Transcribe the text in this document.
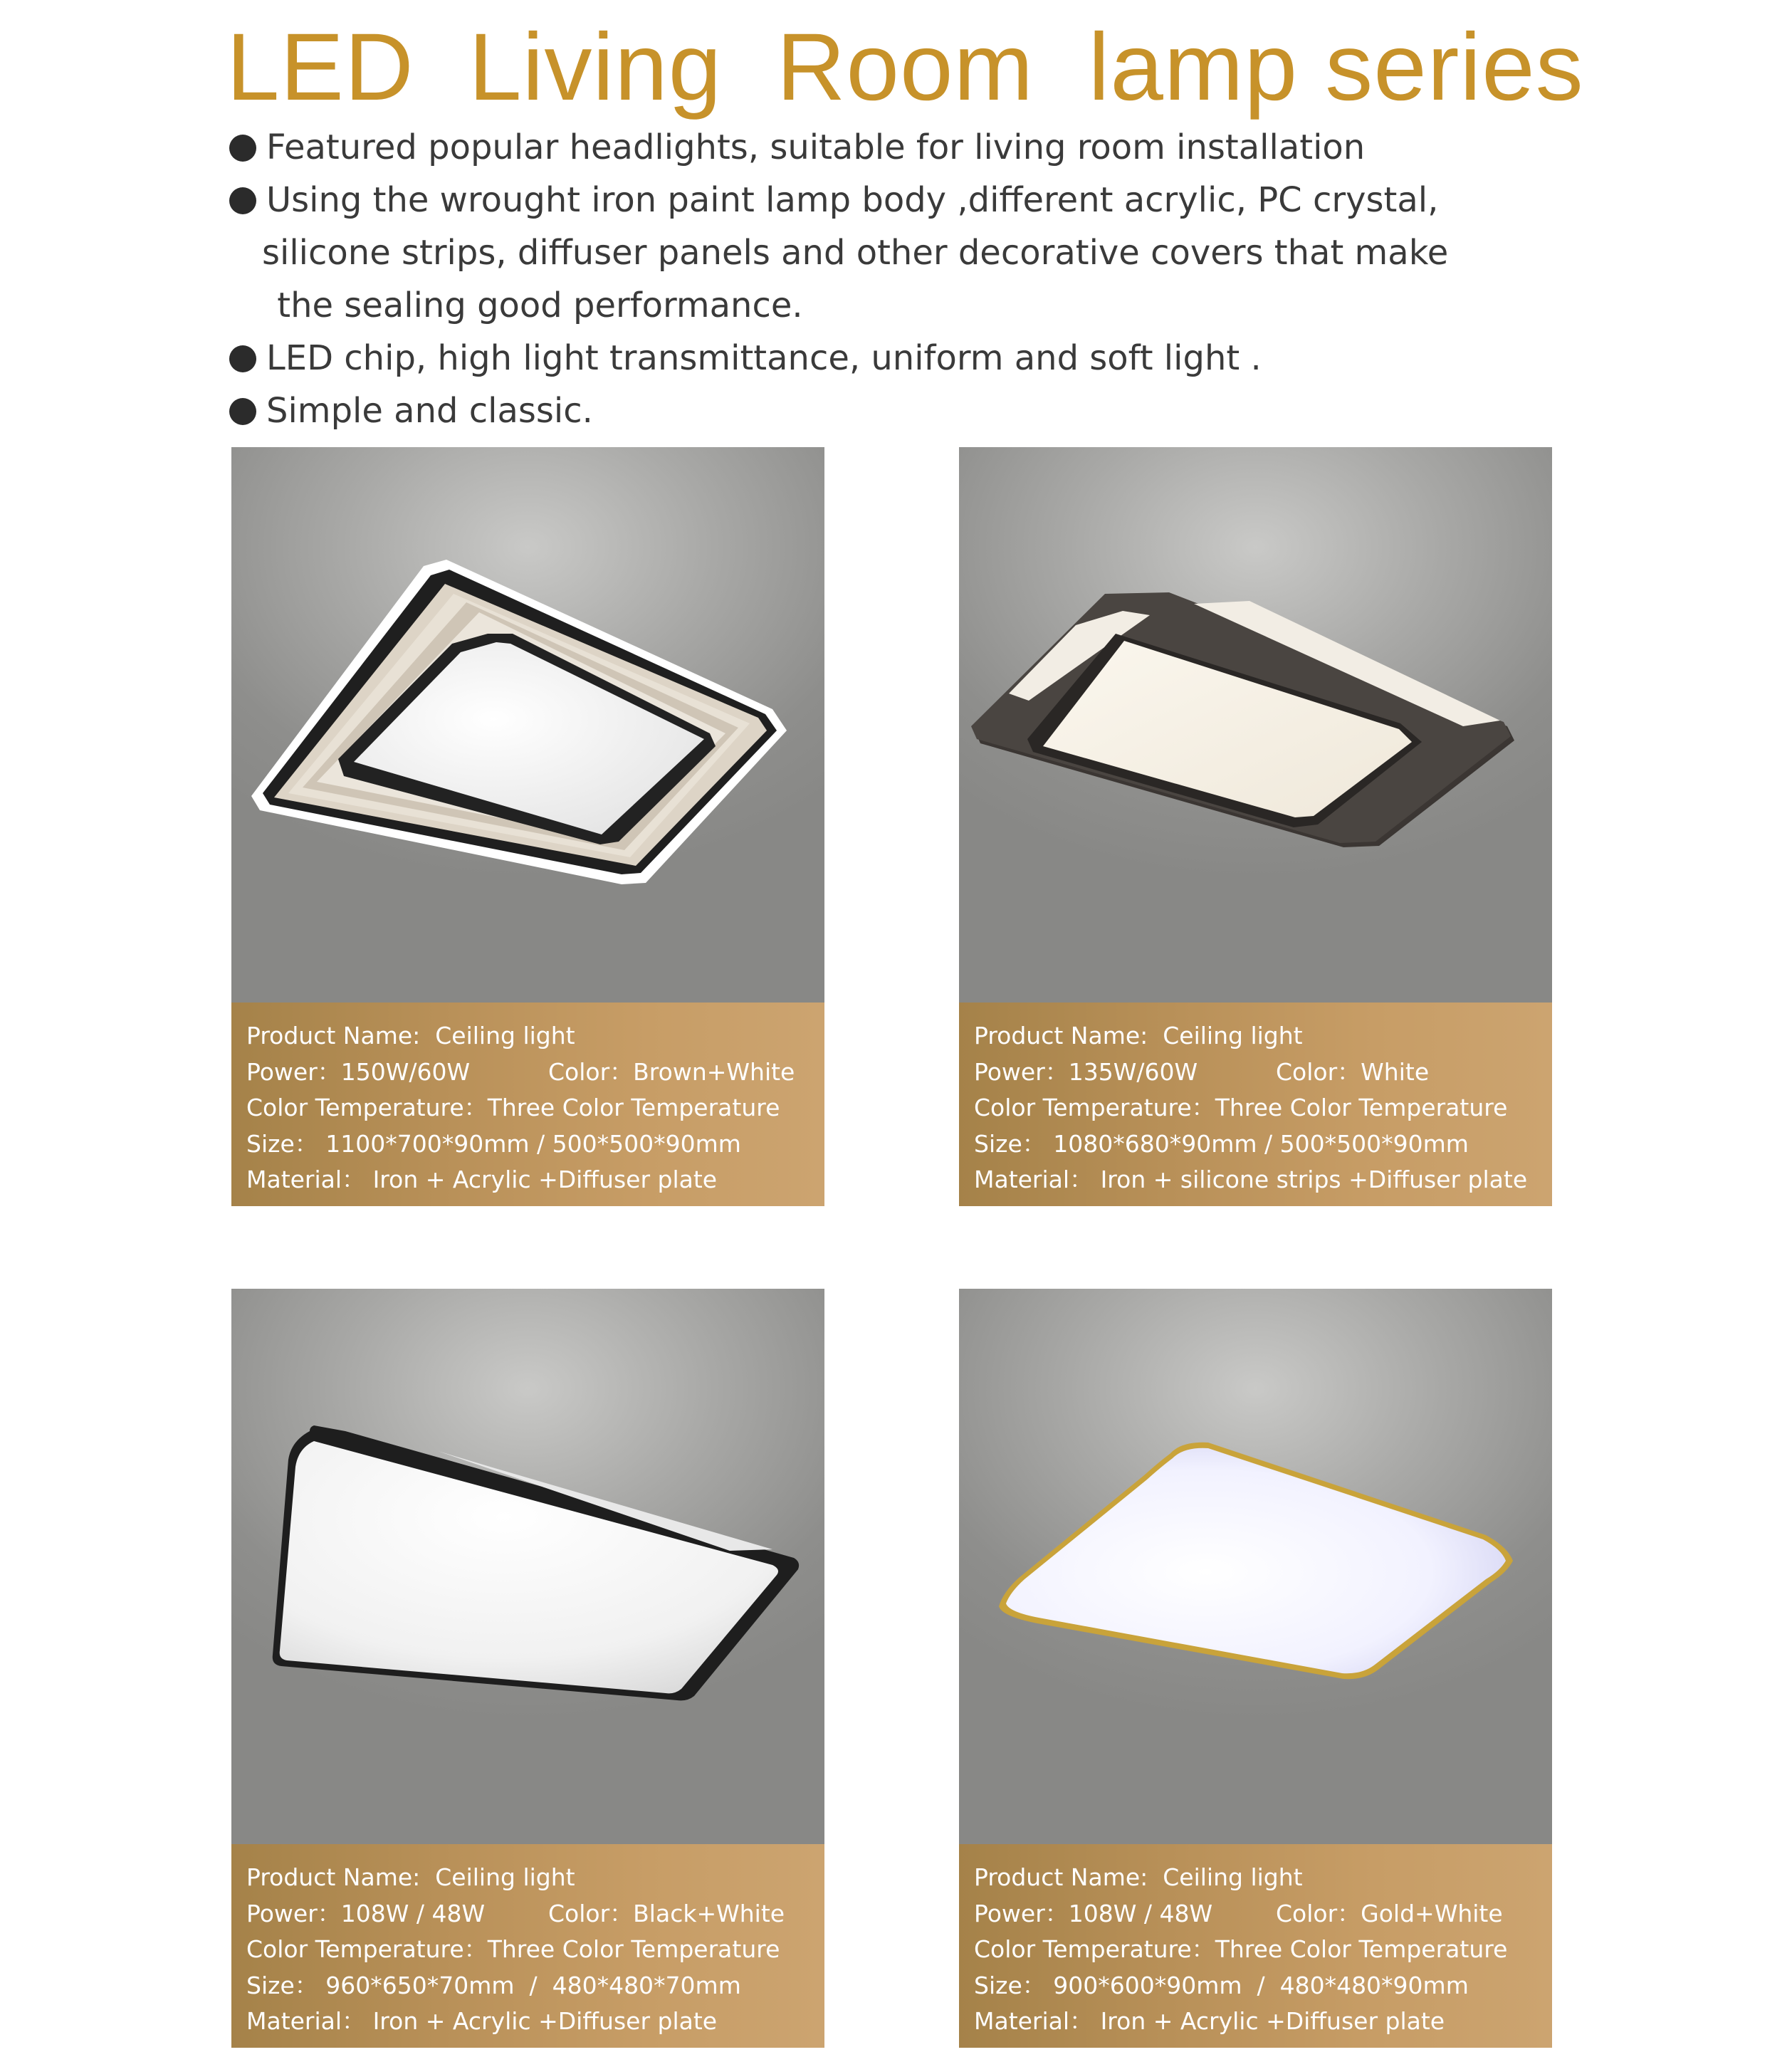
LED  Living  Room  lamp series
Featured popular headlights, suitable for living room installation
Using the wrought iron paint lamp body ,different acrylic, PC crystal,
silicone strips, diffuser panels and other decorative covers that make
the sealing good performance.
LED chip, high light transmittance, uniform and soft light .
Simple and classic.
Product Name: Ceiling light
Power：150W/60W	Color：Brown+White
Color Temperature：Three Color Temperature
Size： 1100*700*90mm / 500*500*90mm
Material： Iron + Acrylic +Diffuser plate
Product Name: Ceiling light
Power：135W/60W	Color：White
Color Temperature：Three Color Temperature
Size： 1080*680*90mm / 500*500*90mm
Material： Iron + silicone strips +Diffuser plate
Product Name: Ceiling light
Power：108W / 48W	Color：Black+White
Color Temperature：Three Color Temperature
Size： 960*650*70mm  /  480*480*70mm
Material： Iron + Acrylic +Diffuser plate
Product Name: Ceiling light
Power：108W / 48W	Color：Gold+White
Color Temperature：Three Color Temperature
Size： 900*600*90mm  /  480*480*90mm
Material： Iron + Acrylic +Diffuser plate
